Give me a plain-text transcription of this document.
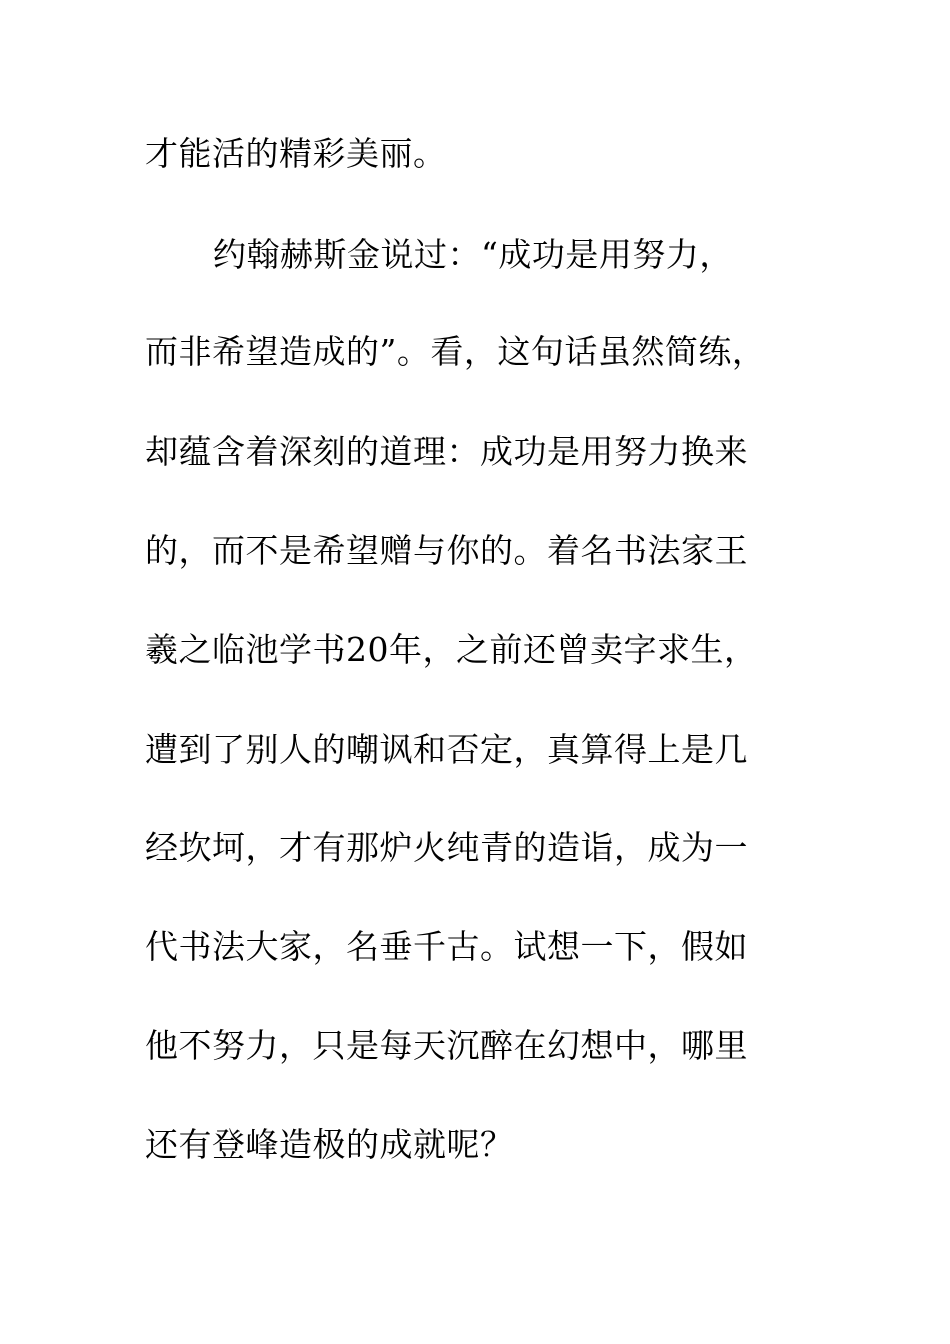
才能活的精彩美丽。
约翰赫斯金说过：“成功是用努力，
而非希望造成的”。看，这句话虽然简练，
却蕴含着深刻的道理：成功是用努力换来
的，而不是希望赠与你的。着名书法家王
羲之临池学书20年，之前还曾卖字求生，
遭到了别人的嘲讽和否定，真算得上是几
经坎坷，才有那炉火纯青的造诣，成为一
代书法大家，名垂千古。试想一下，假如
他不努力，只是每天沉醉在幻想中，哪里
还有登峰造极的成就呢？
